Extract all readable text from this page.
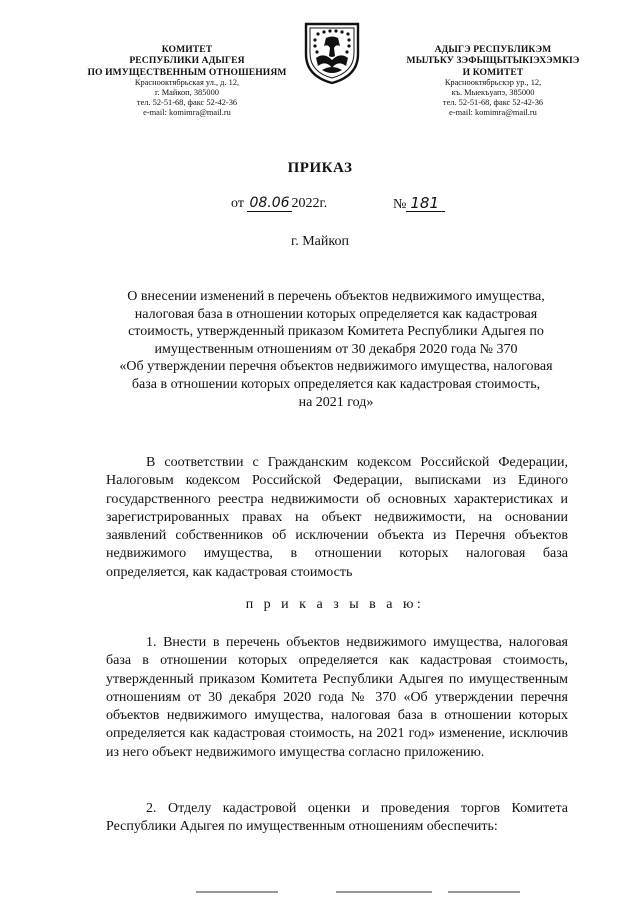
КОМИТЕТ
РЕСПУБЛИКИ АДЫГЕЯ
ПО ИМУЩЕСТВЕННЫМ ОТНОШЕНИЯМ
Краснооктябрьская ул., д. 12,
г. Майкоп, 385000
тел. 52-51-68, факс 52-42-36
e-mail: komimra@mail.ru
АДЫГЭ РЕСПУБЛИКЭМ
МЫЛЪКУ ЗЭФЫЩЫТЫКIЭХЭМКIЭ
И КОМИТЕТ
Краснооктябрьскэр ур., 12,
къ. Мыекъуапэ, 385000
тел. 52-51-68, факс 52-42-36
e-mail: komimra@mail.ru
ПРИКАЗ
от 08.06 2022г.	№ 181
г. Майкоп
О внесении изменений в перечень объектов недвижимого имущества,
налоговая база в отношении которых определяется как кадастровая
стоимость, утвержденный приказом Комитета Республики Адыгея по
имущественным отношениям от 30 декабря 2020 года № 370
«Об утверждении перечня объектов недвижимого имущества, налоговая
база в отношении которых определяется как кадастровая стоимость,
на 2021 год»
В соответствии с Гражданским кодексом Российской Федерации, Налоговым кодексом Российской Федерации, выписками из Единого государственного реестра недвижимости об основных характеристиках и зарегистрированных правах на объект недвижимости, на основании заявлений собственников об исключении объекта из Перечня объектов недвижимого имущества, в отношении которых налоговая база определяется, как кадастровая стоимость
п р и к а з ы в а ю:
1. Внести в перечень объектов недвижимого имущества, налоговая база в отношении которых определяется как кадастровая стоимость, утвержденный приказом Комитета Республики Адыгея по имущественным отношениям от 30 декабря 2020 года № 370 «Об утверждении перечня объектов недвижимого имущества, налоговая база в отношении которых определяется как кадастровая стоимость, на 2021 год» изменение, исключив из него объект недвижимого имущества согласно приложению.
2. Отделу кадастровой оценки и проведения торгов Комитета Республики Адыгея по имущественным отношениям обеспечить:
